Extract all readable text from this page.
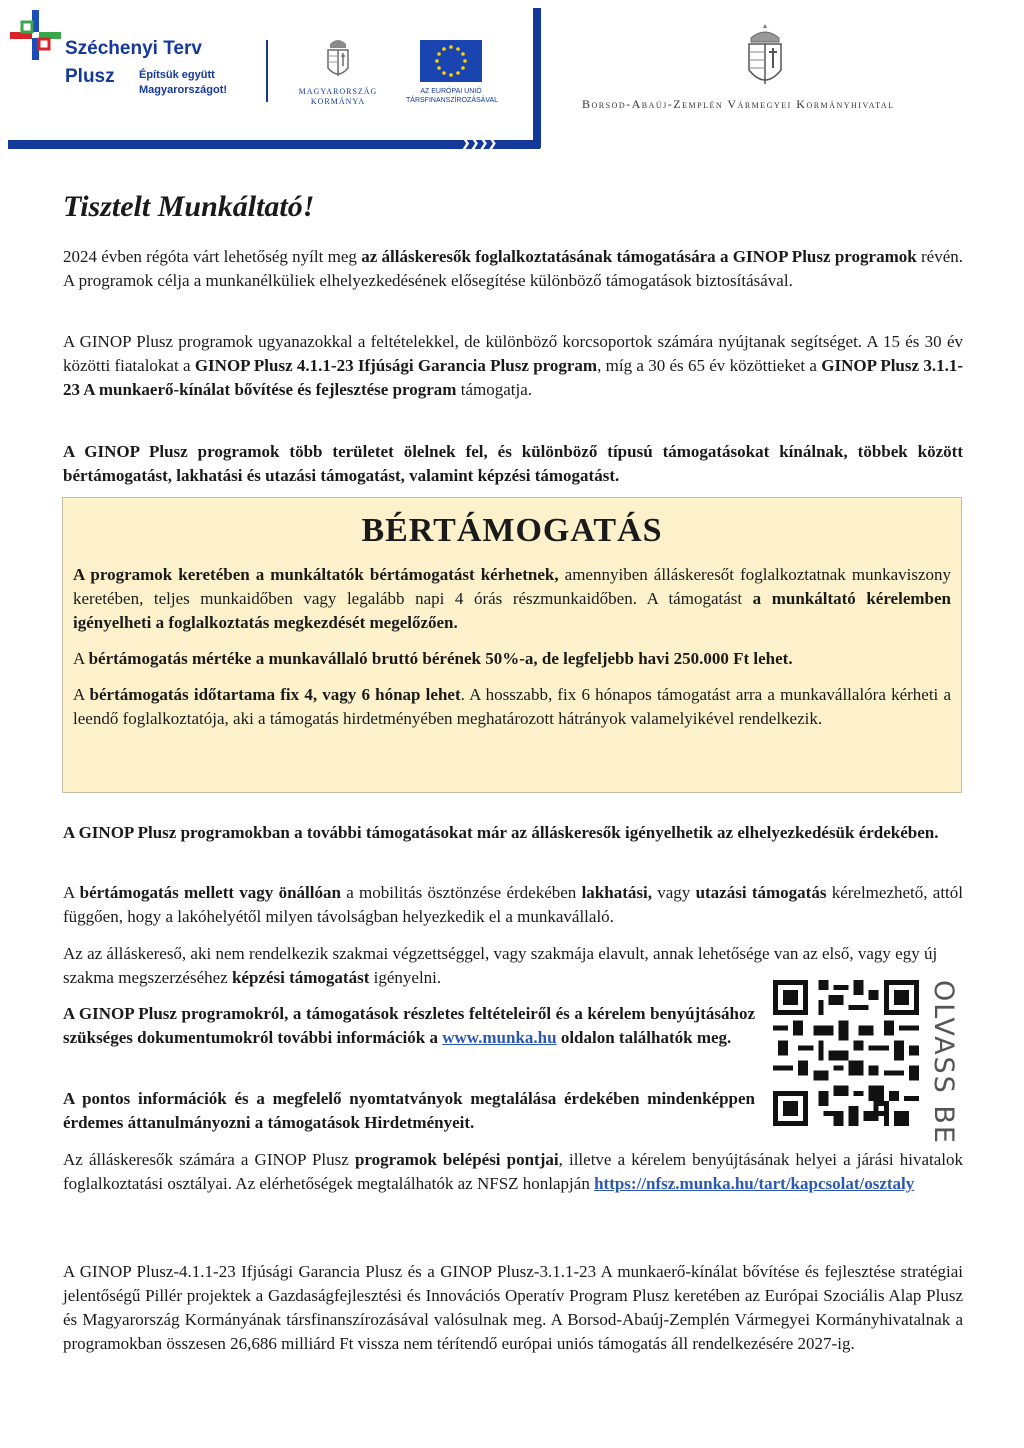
Széchenyi Terv
Plusz Építsük együtt
Magyarországot!	MAGYARORSZÁG
KORMÁNYA
AZ EURÓPAI UNIÓ
TÁRSFINANSZÍROZÁSÁVAL
❯❯❯❯
Borsod-Abaúj-Zemplén Vármegyei Kormányhivatal
Tisztelt Munkáltató!

2024 évben régóta várt lehetőség nyílt meg az álláskeresők foglalkoztatásának támogatására a GINOP Plusz programok révén. A programok célja a munkanélküliek elhelyezkedésének elősegítése különböző támogatások biztosításával.

A GINOP Plusz programok ugyanazokkal a feltételekkel, de különböző korcsoportok számára nyújtanak segítséget. A 15 és 30 év közötti fiatalokat a GINOP Plusz 4.1.1-23 Ifjúsági Garancia Plusz program, míg a 30 és 65 év közöttieket a GINOP Plusz 3.1.1-23 A munkaerő-kínálat bővítése és fejlesztése program támogatja.

A GINOP Plusz programok több területet ölelnek fel, és különböző típusú támogatásokat kínálnak, többek között bértámogatást, lakhatási és utazási támogatást, valamint képzési támogatást.

BÉRTÁMOGATÁS

A programok keretében a munkáltatók bértámogatást kérhetnek, amennyiben álláskeresőt foglalkoztatnak munkaviszony keretében, teljes munkaidőben vagy legalább napi 4 órás részmunkaidőben. A támogatást a munkáltató kérelemben igényelheti a foglalkoztatás megkezdését megelőzően.

A bértámogatás mértéke a munkavállaló bruttó bérének 50%-a, de legfeljebb havi 250.000 Ft lehet.

A bértámogatás időtartama fix 4, vagy 6 hónap lehet. A hosszabb, fix 6 hónapos támogatást arra a munkavállalóra kérheti a leendő foglalkoztatója, aki a támogatás hirdetményében meghatározott hátrányok valamelyikével rendelkezik.

A GINOP Plusz programokban a további támogatásokat már az álláskeresők igényelhetik az elhelyezkedésük érdekében.

A bértámogatás mellett vagy önállóan a mobilitás ösztönzése érdekében lakhatási, vagy utazási támogatás kérelmezhető, attól függően, hogy a lakóhelyétől milyen távolságban helyezkedik el a munkavállaló.

Az az álláskereső, aki nem rendelkezik szakmai végzettséggel, vagy szakmája elavult, annak lehetősége van az első, vagy egy új szakma megszerzéséhez képzési támogatást igényelni.

A GINOP Plusz programokról, a támogatások részletes feltételeiről és a kérelem benyújtásához szükséges dokumentumokról további információk a www.munka.hu oldalon találhatók meg.

A pontos információk és a megfelelő nyomtatványok megtalálása érdekében mindenképpen érdemes áttanulmányozni a támogatások Hirdetményeit.	OLVASS BE

Az álláskeresők számára a GINOP Plusz programok belépési pontjai, illetve a kérelem benyújtásának helyei a járási hivatalok foglalkoztatási osztályai. Az elérhetőségek megtalálhatók az NFSZ honlapján https://nfsz.munka.hu/tart/kapcsolat/osztaly

A GINOP Plusz-4.1.1-23 Ifjúsági Garancia Plusz és a GINOP Plusz-3.1.1-23 A munkaerő-kínálat bővítése és fejlesztése stratégiai jelentőségű Pillér projektek a Gazdaságfejlesztési és Innovációs Operatív Program Plusz keretében az Európai Szociális Alap Plusz és Magyarország Kormányának társfinanszírozásával valósulnak meg. A Borsod-Abaúj-Zemplén Vármegyei Kormányhivatalnak a programokban összesen 26,686 milliárd Ft vissza nem térítendő európai uniós támogatás áll rendelkezésére 2027-ig.
